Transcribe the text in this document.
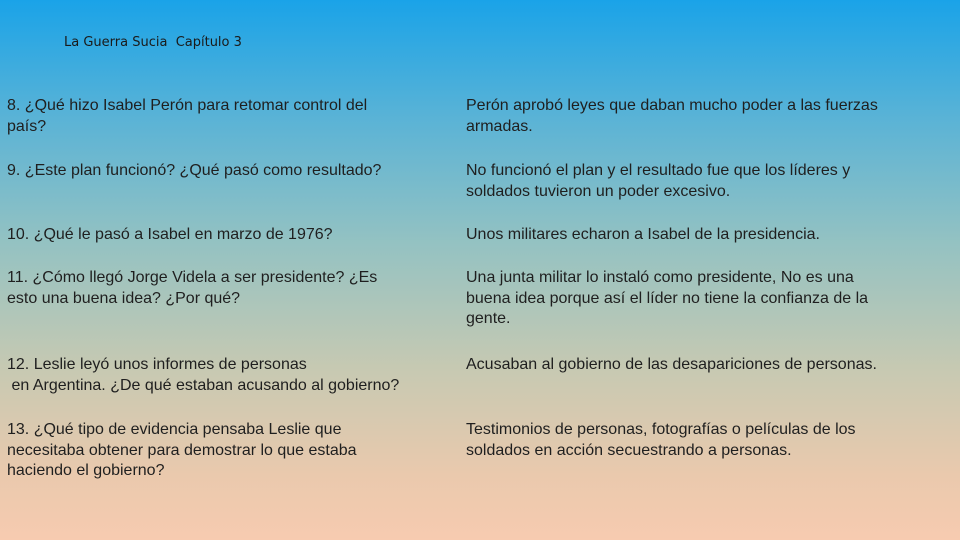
La Guerra Sucia  Capítulo 3
8. ¿Qué hizo Isabel Perón para retomar control del
país?
Perón aprobó leyes que daban mucho poder a las fuerzas
armadas.
9. ¿Este plan funcionó? ¿Qué pasó como resultado?	No funcionó el plan y el resultado fue que los líderes y
soldados tuvieron un poder excesivo.
10. ¿Qué le pasó a Isabel en marzo de 1976?	Unos militares echaron a Isabel de la presidencia.
11. ¿Cómo llegó Jorge Videla a ser presidente? ¿Es
esto una buena idea? ¿Por qué?
Una junta militar lo instaló como presidente, No es una
buena idea porque así el líder no tiene la confianza de la
gente.
12. Leslie leyó unos informes de personas
en Argentina. ¿De qué estaban acusando al gobierno?
Acusaban al gobierno de las desapariciones de personas.
13. ¿Qué tipo de evidencia pensaba Leslie que
necesitaba obtener para demostrar lo que estaba
haciendo el gobierno?
Testimonios de personas, fotografías o películas de los
soldados en acción secuestrando a personas.
